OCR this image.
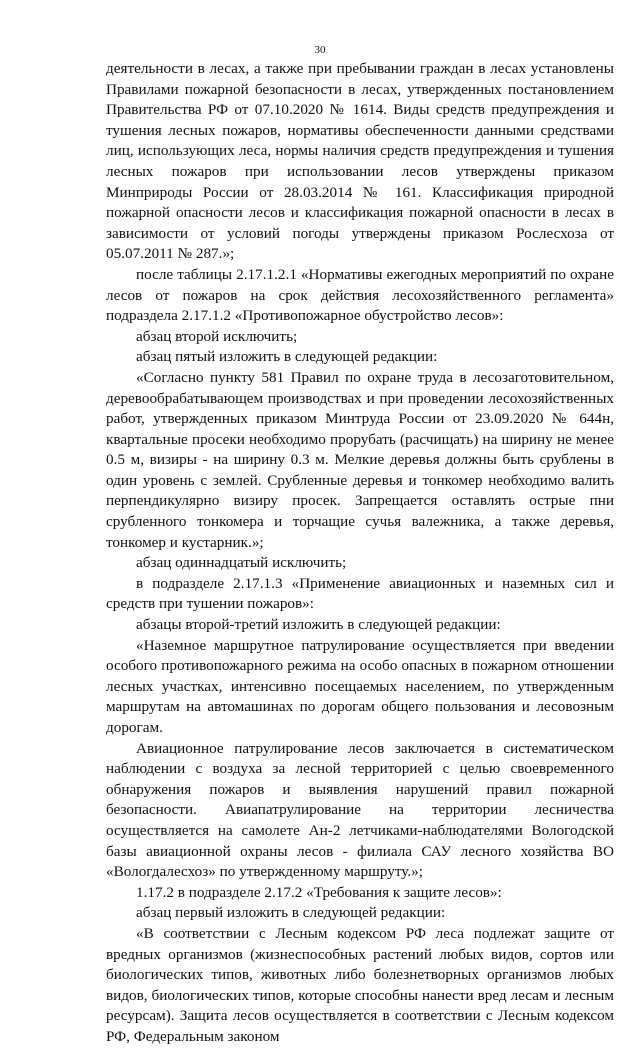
30

деятельности в лесах, а также при пребывании граждан в лесах установлены Правилами пожарной безопасности в лесах, утвержденных постановлением Правительства РФ от 07.10.2020 № 1614. Виды средств предупреждения и тушения лесных пожаров, нормативы обеспеченности данными средствами лиц, использующих леса, нормы наличия средств предупреждения и тушения лесных пожаров при использовании лесов утверждены приказом Минприроды России от 28.03.2014 № 161. Классификация природной пожарной опасности лесов и классификация пожарной опасности в лесах в зависимости от условий погоды утверждены приказом Рослесхоза от 05.07.2011 № 287.»;

после таблицы 2.17.1.2.1 «Нормативы ежегодных мероприятий по охране лесов от пожаров на срок действия лесохозяйственного регламента» подраздела 2.17.1.2 «Противопожарное обустройство лесов»:

абзац второй исключить;

абзац пятый изложить в следующей редакции:

«Согласно пункту 581 Правил по охране труда в лесозаготовительном, деревообрабатывающем производствах и при проведении лесохозяйственных работ, утвержденных приказом Минтруда России от 23.09.2020 № 644н, квартальные просеки необходимо прорубать (расчищать) на ширину не менее 0.5 м, визиры - на ширину 0.3 м. Мелкие деревья должны быть срублены в один уровень с землей. Срубленные деревья и тонкомер необходимо валить перпендикулярно визиру просек. Запрещается оставлять острые пни срубленного тонкомера и торчащие сучья валежника, а также деревья, тонкомер и кустарник.»;

абзац одиннадцатый исключить;

в подразделе 2.17.1.3 «Применение авиационных и наземных сил и средств при тушении пожаров»:

абзацы второй-третий изложить в следующей редакции:

«Наземное маршрутное патрулирование осуществляется при введении особого противопожарного режима на особо опасных в пожарном отношении лесных участках, интенсивно посещаемых населением, по утвержденным маршрутам на автомашинах по дорогам общего пользования и лесовозным дорогам.

Авиационное патрулирование лесов заключается в систематическом наблюдении с воздуха за лесной территорией с целью своевременного обнаружения пожаров и выявления нарушений правил пожарной безопасности. Авиапатрулирование на территории лесничества осуществляется на самолете Ан-2 летчиками-наблюдателями Вологодской базы авиационной охраны лесов - филиала САУ лесного хозяйства ВО «Вологдалесхоз» по утвержденному маршруту.»;

1.17.2 в подразделе 2.17.2 «Требования к защите лесов»:

абзац первый изложить в следующей редакции:

«В соответствии с Лесным кодексом РФ леса подлежат защите от вредных организмов (жизнеспособных растений любых видов, сортов или биологических типов, животных либо болезнетворных организмов любых видов, биологических типов, которые способны нанести вред лесам и лесным ресурсам). Защита лесов осуществляется в соответствии с Лесным кодексом РФ, Федеральным законом
